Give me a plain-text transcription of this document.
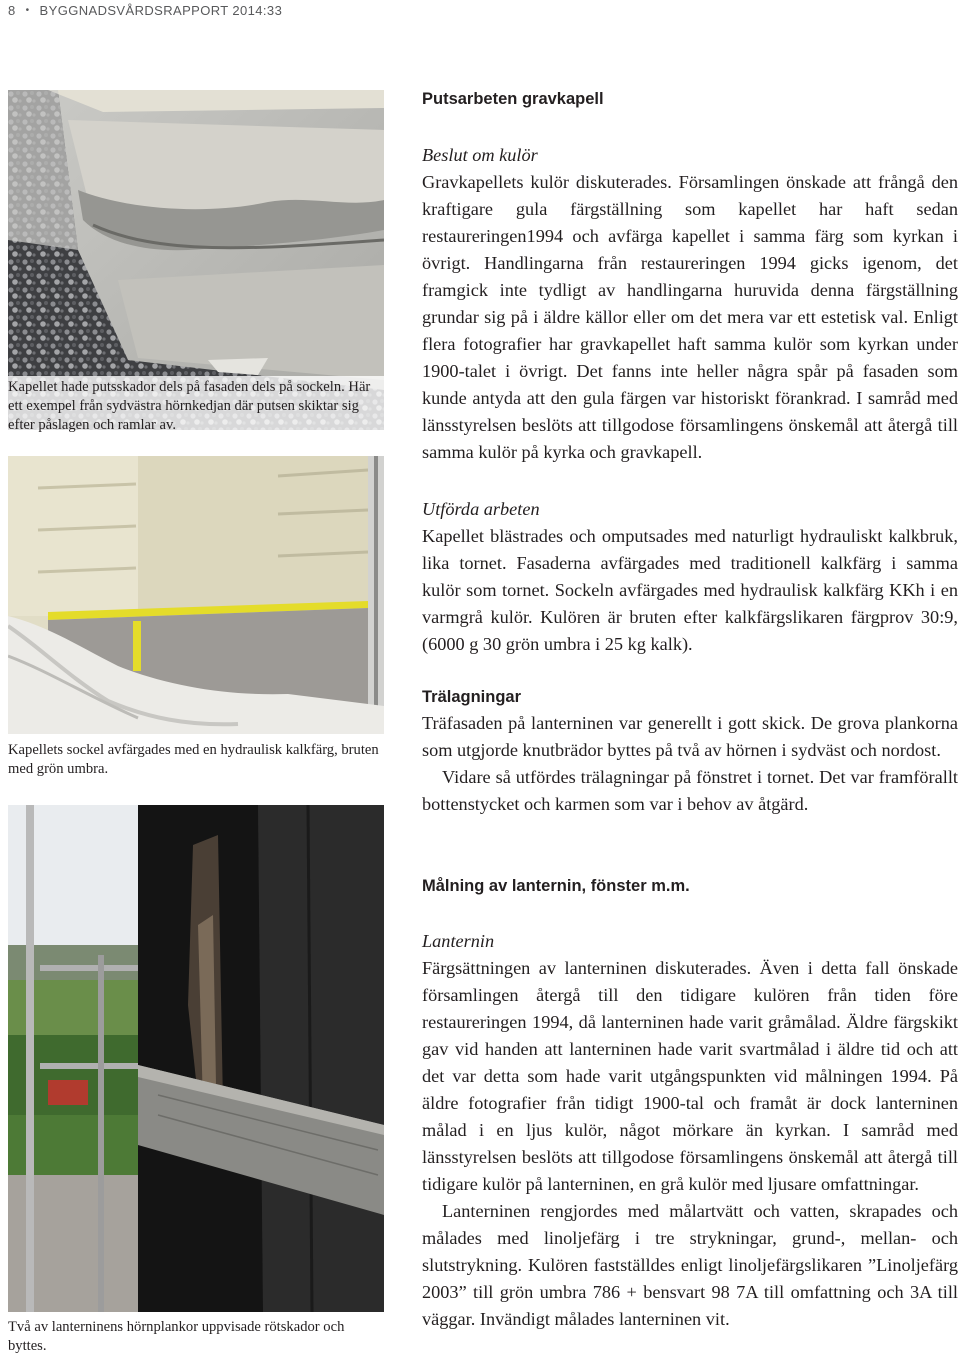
8 • BYGGNADSVÅRDSRAPPORT 2014:33
Kapellet hade putsskador dels på fasaden dels på sockeln. Här ett exempel från sydvästra hörnkedjan där putsen skiktar sig efter påslagen och ramlar av.
Kapellets sockel avfärgades med en hydraulisk kalkfärg, bruten med grön umbra.
Två av lanterninens hörnplankor uppvisade rötskador och byttes.
Putsarbeten gravkapell

Beslut om kulör

Gravkapellets kulör diskuterades. Församlingen önskade att frångå den kraftigare gula färgställning som kapellet har haft sedan restaureringen1994 och avfärga kapellet i samma färg som kyrkan i övrigt. Handlingarna från restaureringen 1994 gicks igenom, det framgick inte tydligt av handlingarna huruvida denna färgställning grundar sig på i äldre källor eller om det mera var ett estetisk val. Enligt flera fotografier har gravkapellet haft samma kulör som kyrkan under 1900-talet i övrigt. Det fanns inte heller några spår på fasaden som kunde antyda att den gula färgen var historiskt förankrad. I samråd med länsstyrelsen beslöts att tillgodose församlingens önskemål att återgå till samma kulör på kyrka och gravkapell.

Utförda arbeten

Kapellet blästrades och omputsades med naturligt hydrauliskt kalkbruk, lika tornet. Fasaderna avfärgades med traditionell kalkfärg i samma kulör som tornet. Sockeln avfärgades med hydraulisk kalkfärg KKh i en varmgrå kulör. Kulören är bruten efter kalkfärgslikaren färgprov 30:9, (6000 g 30 grön umbra i 25 kg kalk).

Trälagningar

Träfasaden på lanterninen var generellt i gott skick. De grova plankorna som utgjorde knutbrädor byttes på två av hörnen i sydväst och nordost.

Vidare så utfördes trälagningar på fönstret i tornet. Det var framförallt bottenstycket och karmen som var i behov av åtgärd.

Målning av lanternin, fönster m.m.

Lanternin

Färgsättningen av lanterninen diskuterades. Även i detta fall önskade församlingen återgå till den tidigare kulören från tiden före restaureringen 1994, då lanterninen hade varit gråmålad. Äldre färgskikt gav vid handen att lanterninen hade varit svartmålad i äldre tid och att det var detta som hade varit utgångspunkten vid målningen 1994. På äldre fotografier från tidigt 1900-tal och framåt är dock lanterninen målad i en ljus kulör, något mörkare än kyrkan. I samråd med länsstyrelsen beslöts att tillgodose församlingens önskemål att återgå till tidigare kulör på lanterninen, en grå kulör med ljusare omfattningar.

Lanterninen rengjordes med målartvätt och vatten, skrapades och målades med linoljefärg i tre strykningar, grund-, mellan- och slutstrykning. Kulören fastställdes enligt linoljefärgslikaren ”Linoljefärg 2003” till grön umbra 786 + bensvart 98 7A till omfattning och 3A till väggar. Invändigt målades lanterninen vit.
